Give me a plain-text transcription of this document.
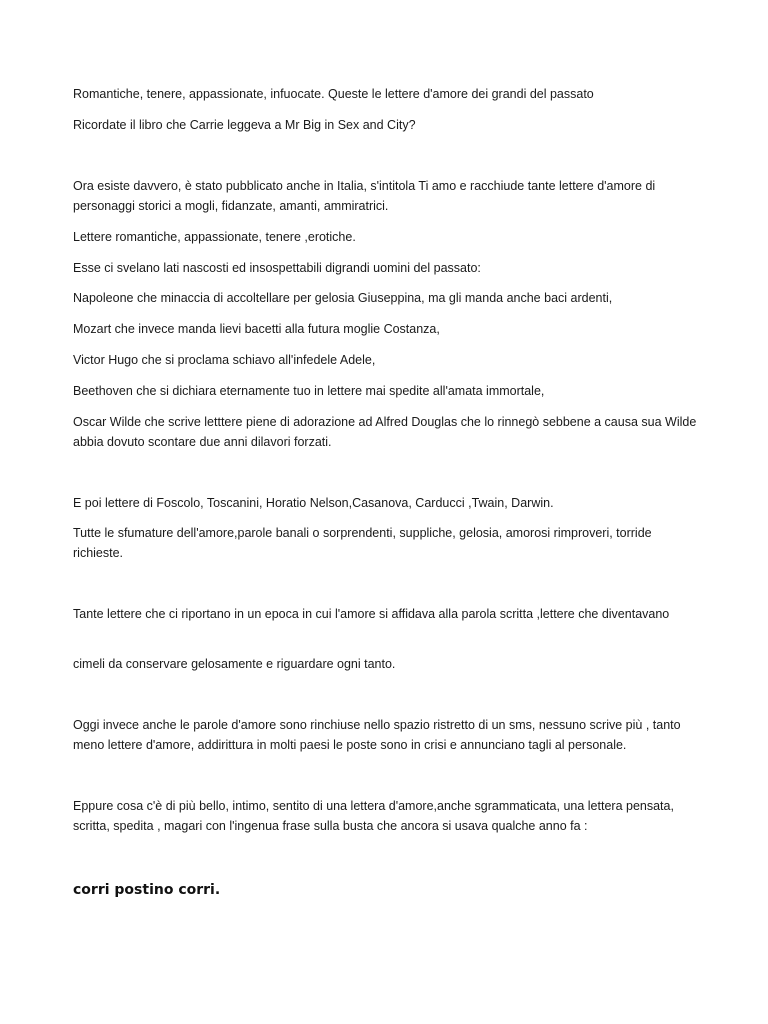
Romantiche, tenere, appassionate, infuocate. Queste le lettere d'amore dei grandi del passato

Ricordate il libro che Carrie leggeva a Mr Big in Sex and City?

Ora esiste davvero, è stato pubblicato anche in Italia, s'intitola Ti amo e racchiude tante lettere d'amore di personaggi storici a mogli, fidanzate, amanti, ammiratrici.

Lettere romantiche, appassionate, tenere ,erotiche.

Esse ci svelano lati nascosti ed insospettabili digrandi uomini del passato:

Napoleone che minaccia di accoltellare per gelosia Giuseppina, ma gli manda anche baci ardenti,

Mozart che invece manda lievi bacetti alla futura moglie Costanza,

Victor Hugo che si proclama schiavo all'infedele Adele,

Beethoven che si dichiara eternamente tuo in lettere mai spedite all'amata immortale,

Oscar Wilde che scrive letttere piene di adorazione ad Alfred Douglas che lo rinnegò sebbene a causa sua Wilde abbia dovuto scontare due anni dilavori forzati.

E poi lettere di Foscolo, Toscanini, Horatio Nelson,Casanova, Carducci ,Twain, Darwin.

Tutte le sfumature dell'amore,parole banali o sorprendenti, suppliche, gelosia, amorosi rimproveri, torride richieste.

Tante lettere che ci riportano in un epoca in cui l'amore si affidava alla parola scritta ,lettere che diventavano

cimeli da conservare gelosamente e riguardare ogni tanto.

Oggi invece anche le parole d'amore sono rinchiuse nello spazio ristretto di un sms, nessuno scrive più , tanto meno lettere d'amore, addirittura in molti paesi le poste sono in crisi e annunciano tagli al personale.

Eppure cosa c'è di più bello, intimo, sentito di una lettera d'amore,anche sgrammaticata, una lettera pensata, scritta, spedita , magari con l'ingenua frase sulla busta che ancora si usava qualche anno fa :

corri postino corri.
